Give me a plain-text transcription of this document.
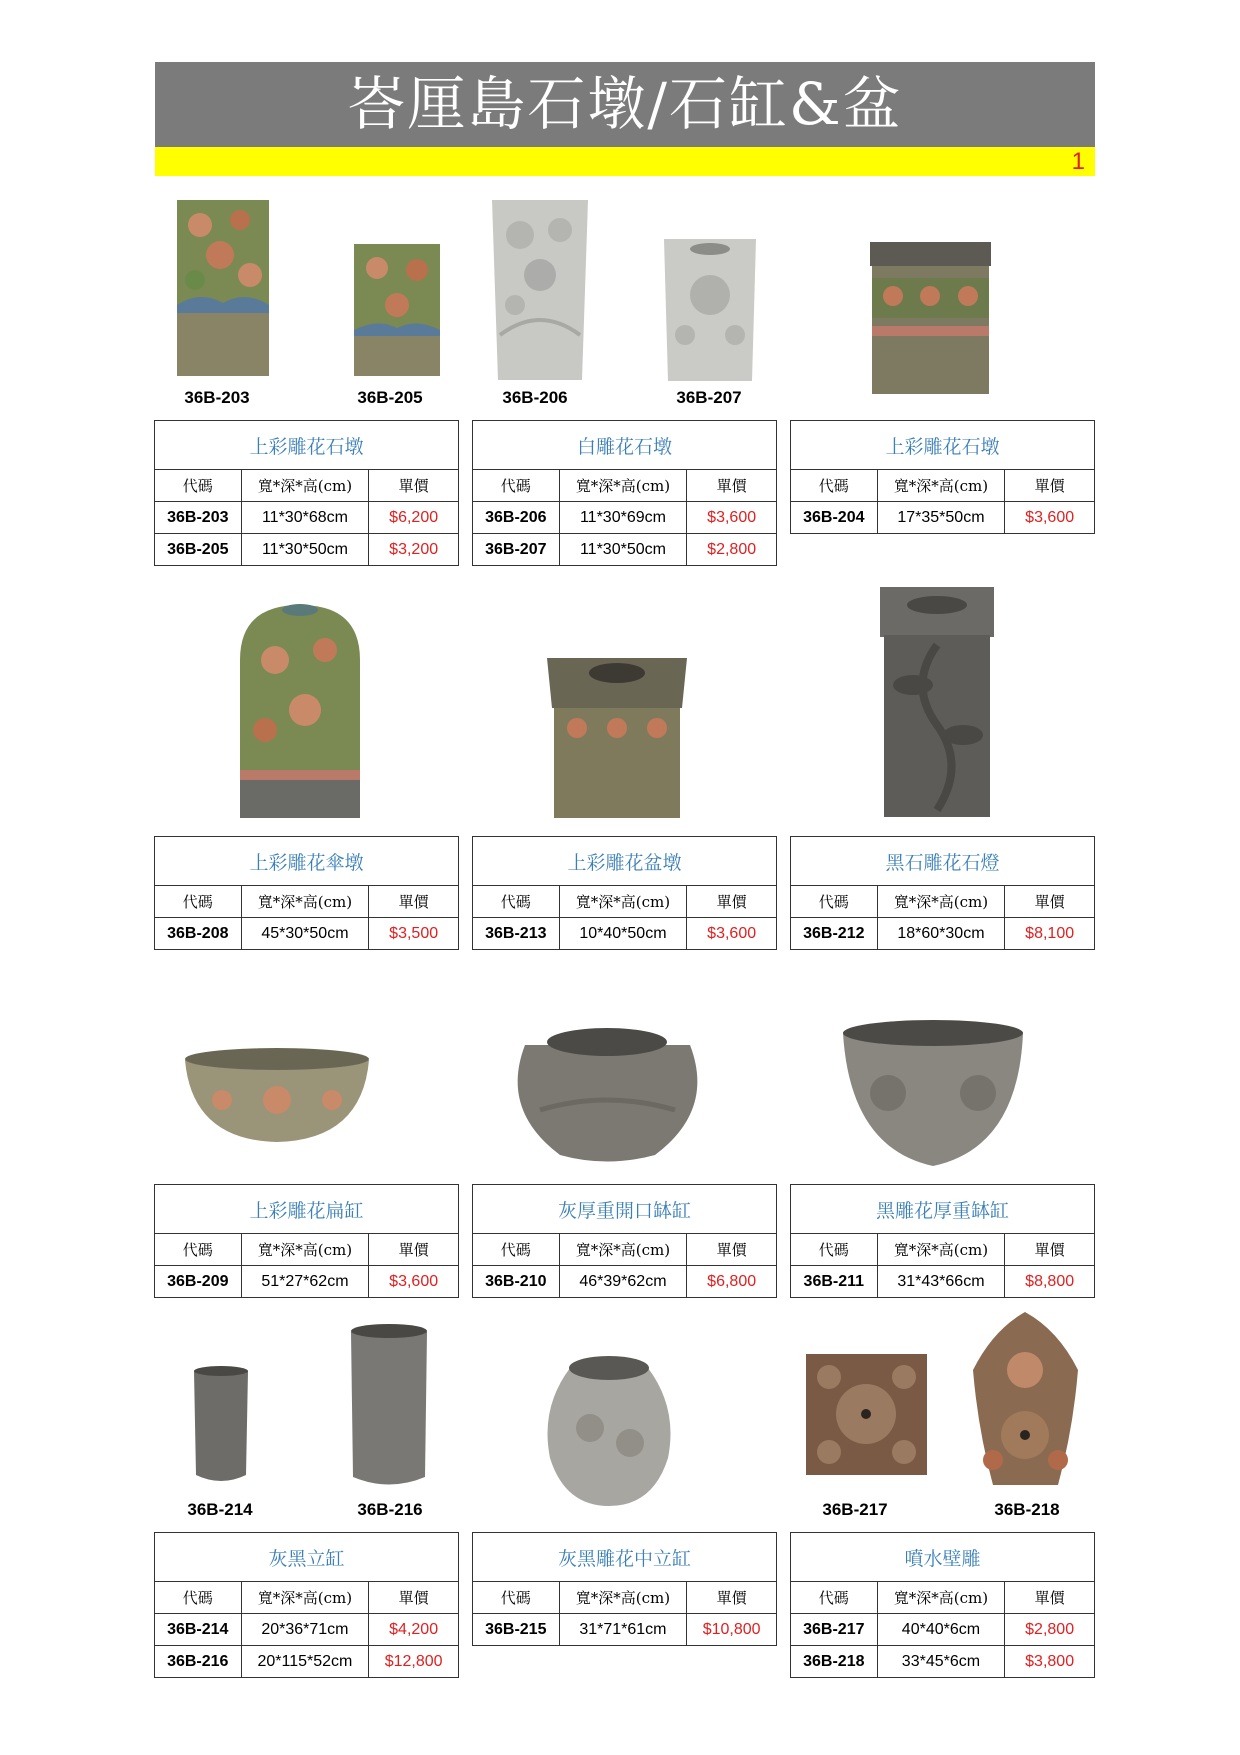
峇厘島石墩/石缸&盆
1
36B-203	36B-205	36B-206	36B-207
上彩雕花石墩		
代碼	寬*深*高(cm)	單價
36B-203	11*30*68cm	$6,200
36B-205	11*30*50cm	$3,200
白雕花石墩		
代碼	寬*深*高(cm)	單價
36B-206	11*30*69cm	$3,600
36B-207	11*30*50cm	$2,800
上彩雕花石墩		
代碼	寬*深*高(cm)	單價
36B-204	17*35*50cm	$3,600
上彩雕花傘墩		
代碼	寬*深*高(cm)	單價
36B-208	45*30*50cm	$3,500
上彩雕花盆墩		
代碼	寬*深*高(cm)	單價
36B-213	10*40*50cm	$3,600
黑石雕花石燈		
代碼	寬*深*高(cm)	單價
36B-212	18*60*30cm	$8,100
上彩雕花扁缸		
代碼	寬*深*高(cm)	單價
36B-209	51*27*62cm	$3,600
灰厚重開口缽缸		
代碼	寬*深*高(cm)	單價
36B-210	46*39*62cm	$6,800
黑雕花厚重缽缸		
代碼	寬*深*高(cm)	單價
36B-211	31*43*66cm	$8,800
36B-214	36B-216	36B-217	36B-218
灰黑立缸		
代碼	寬*深*高(cm)	單價
36B-214	20*36*71cm	$4,200
36B-216	20*115*52cm	$12,800
灰黑雕花中立缸		
代碼	寬*深*高(cm)	單價
36B-215	31*71*61cm	$10,800
噴水壁雕		
代碼	寬*深*高(cm)	單價
36B-217	40*40*6cm	$2,800
36B-218	33*45*6cm	$3,800
